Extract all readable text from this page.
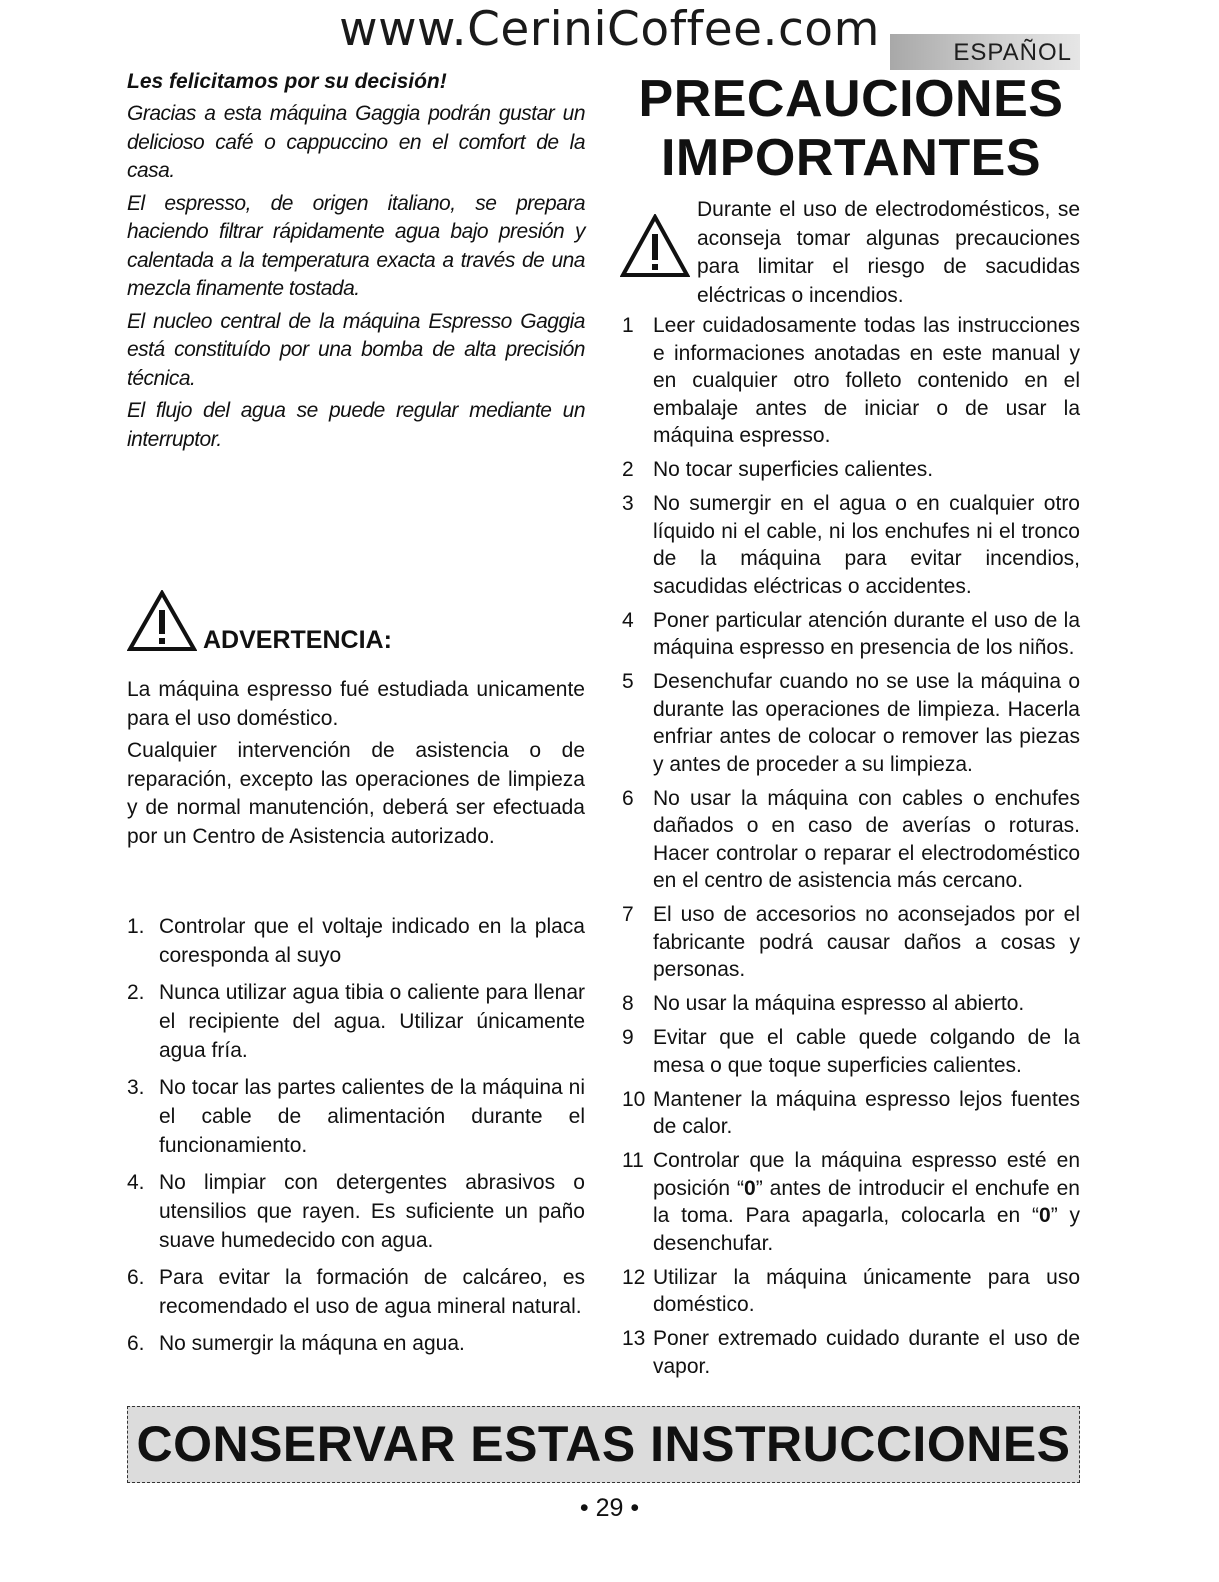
www.CeriniCoffee.com	ESPAÑOL
Les felicitamos por su decisión!

Gracias a esta máquina Gaggia podrán gustar un delicioso café o cappuccino en el comfort de la casa.

El espresso, de origen italiano, se prepara haciendo filtrar rápidamente agua bajo presión y calentada a la temperatura exacta a través de una mezcla finamente tostada.

El nucleo central de la máquina Espresso Gaggia está constituído por una bomba de alta precisión técnica.

El flujo del agua se puede regular mediante un interruptor.

ADVERTENCIA:

La máquina espresso fué estudiada unicamente para el uso doméstico.

Cualquier intervención de asistencia o de reparación, excepto las operaciones de limpieza y de normal manutención, deberá ser efectuada por un Centro de Asistencia autorizado.

1. Controlar que el voltaje indicado en la placa coresponda al suyo
2. Nunca utilizar agua tibia o caliente para llenar el recipiente del agua. Utilizar únicamente agua fría.
3. No tocar las partes calientes de la máquina ni el cable de alimentación durante el funcionamiento.
4. No limpiar con detergentes abrasivos o utensilios que rayen. Es suficiente un paño suave humedecido con agua.
6. Para evitar la formación de calcáreo, es recomendado el uso de agua mineral natural.
6. No sumergir la máquna en agua.
PRECAUCIONES
IMPORTANTES

Durante el uso de electrodomésticos, se aconseja tomar algunas precauciones para limitar el riesgo de sacudidas eléctricas o incendios.

1 Leer cuidadosamente todas las instrucciones e informaciones anotadas en este manual y en cualquier otro folleto contenido en el embalaje antes de iniciar o de usar la máquina espresso.
2 No tocar superficies calientes.
3 No sumergir en el agua o en cualquier otro líquido ni el cable, ni los enchufes ni el tronco de la máquina para evitar incendios, sacudidas eléctricas o accidentes.
4 Poner particular atención durante el uso de la máquina espresso en presencia de los niños.
5 Desenchufar cuando no se use la máquina o durante las operaciones de limpieza. Hacerla enfriar antes de colocar o remover las piezas y antes de proceder a su limpieza.
6 No usar la máquina con cables o enchufes dañados o en caso de averías o roturas. Hacer controlar o reparar el electrodoméstico en el centro de asistencia más cercano.
7 El uso de accesorios no aconsejados por el fabricante podrá causar daños a cosas y personas.
8 No usar la máquina espresso al abierto.
9 Evitar que el cable quede colgando de la mesa o que toque superficies calientes.
10 Mantener la máquina espresso lejos fuentes de calor.
11 Controlar que la máquina espresso esté en posición “0” antes de introducir el enchufe en la toma. Para apagarla, colocarla en “0” y desenchufar.
12 Utilizar la máquina únicamente para uso doméstico.
13 Poner extremado cuidado durante el uso de vapor.
CONSERVAR ESTAS INSTRUCCIONES
• 29 •
